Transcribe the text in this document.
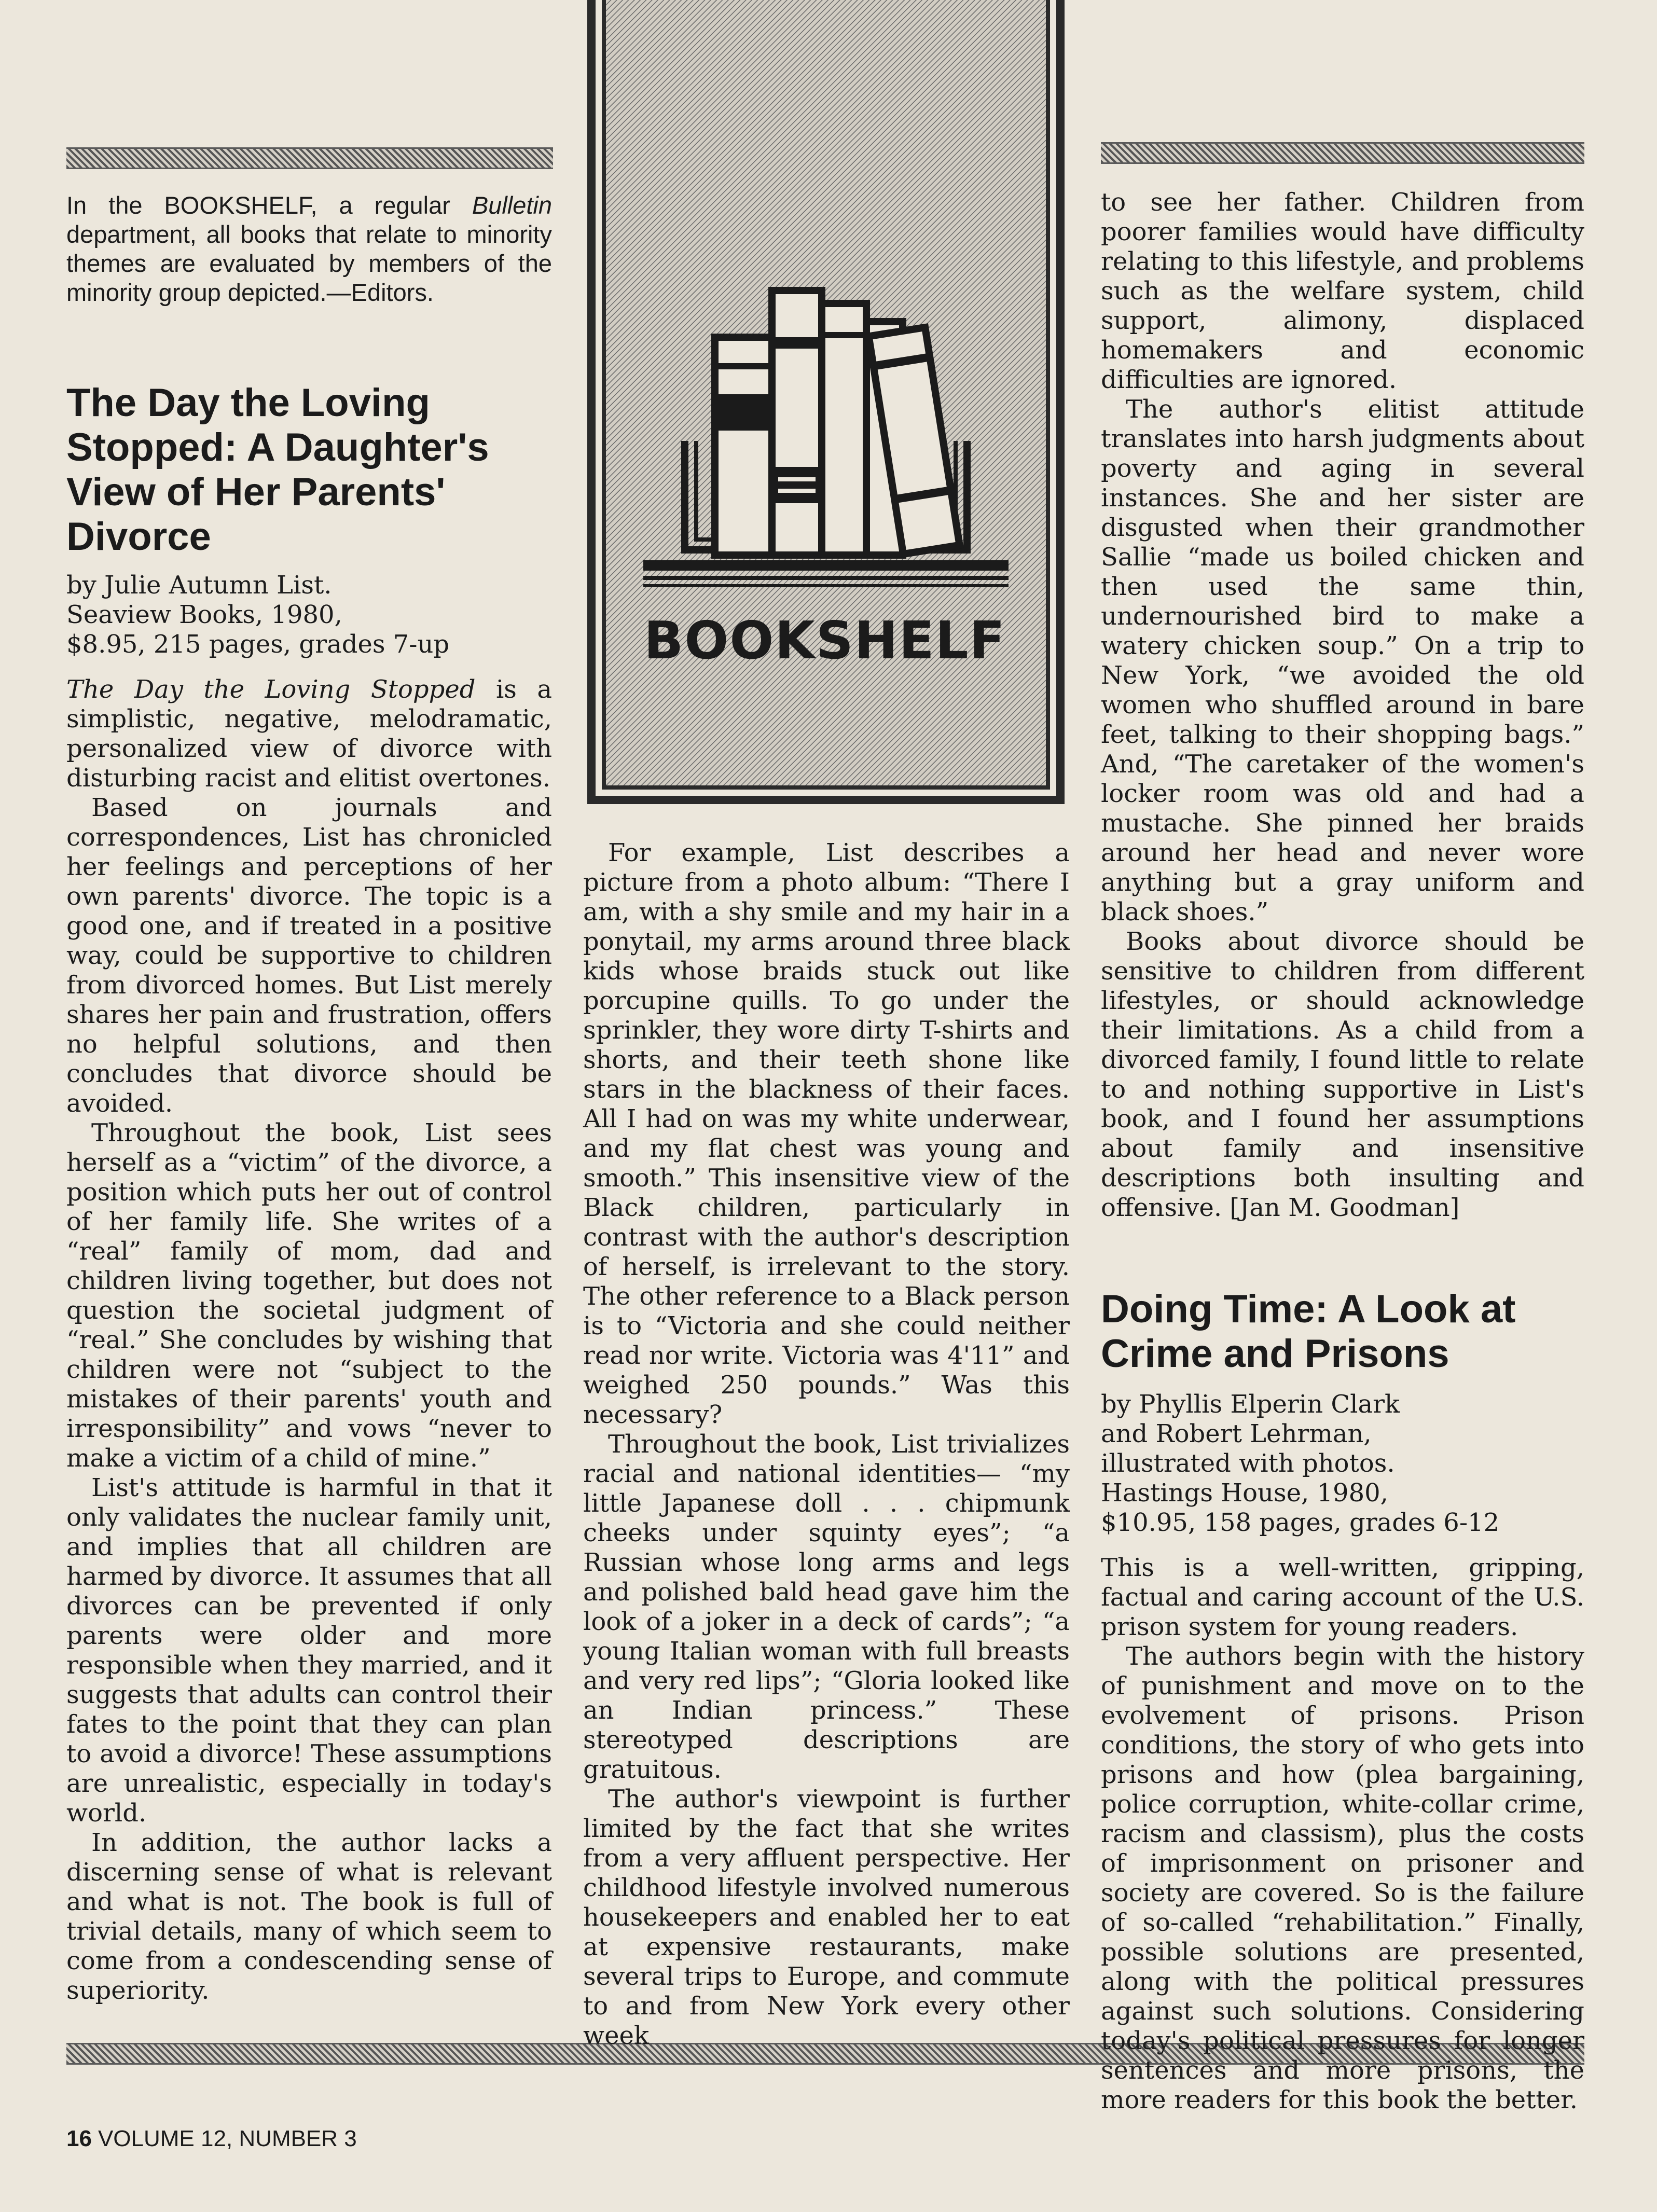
BOOKSHELF
In the BOOKSHELF, a regular Bulletin department, all books that relate to minority themes are evaluated by members of the minority group depicted.—Editors.
The Day the Loving Stopped: A Daughter's View of Her Parents' Divorce
by Julie Autumn List.
Seaview Books, 1980,
$8.95, 215 pages, grades 7-up

The Day the Loving Stopped is a simplistic, negative, melodramatic, personalized view of divorce with disturbing racist and elitist overtones.

Based on journals and correspondences, List has chronicled her feelings and perceptions of her own parents' divorce. The topic is a good one, and if treated in a positive way, could be supportive to children from divorced homes. But List merely shares her pain and frustration, offers no helpful solutions, and then concludes that divorce should be avoided.

Throughout the book, List sees herself as a “victim” of the divorce, a position which puts her out of control of her family life. She writes of a “real” family of mom, dad and children living together, but does not question the societal judgment of “real.” She concludes by wishing that children were not “subject to the mistakes of their parents' youth and irresponsibility” and vows “never to make a victim of a child of mine.”

List's attitude is harmful in that it only validates the nuclear family unit, and implies that all children are harmed by divorce. It assumes that all divorces can be prevented if only parents were older and more responsible when they married, and it suggests that adults can control their fates to the point that they can plan to avoid a divorce! These assumptions are unrealistic, especially in today's world.

In addition, the author lacks a discerning sense of what is relevant and what is not. The book is full of trivial details, many of which seem to come from a condescending sense of superiority.

For example, List describes a picture from a photo album: “There I am, with a shy smile and my hair in a ponytail, my arms around three black kids whose braids stuck out like porcupine quills. To go under the sprinkler, they wore dirty T-shirts and shorts, and their teeth shone like stars in the blackness of their faces. All I had on was my white underwear, and my flat chest was young and smooth.” This insensitive view of the Black children, particularly in contrast with the author's description of herself, is irrelevant to the story. The other reference to a Black person is to “Victoria and she could neither read nor write. Victoria was 4'11” and weighed 250 pounds.” Was this necessary?

Throughout the book, List trivializes racial and national identities— “my little Japanese doll . . . chipmunk cheeks under squinty eyes”; “a Russian whose long arms and legs and polished bald head gave him the look of a joker in a deck of cards”; “a young Italian woman with full breasts and very red lips”; “Gloria looked like an Indian princess.” These stereotyped descriptions are gratuitous.

The author's viewpoint is further limited by the fact that she writes from a very affluent perspective. Her childhood lifestyle involved numerous housekeepers and enabled her to eat at expensive restaurants, make several trips to Europe, and commute to and from New York every other week

to see her father. Children from poorer families would have difficulty relating to this lifestyle, and problems such as the welfare system, child support, alimony, displaced homemakers and economic difficulties are ignored.

The author's elitist attitude translates into harsh judgments about poverty and aging in several instances. She and her sister are disgusted when their grandmother Sallie “made us boiled chicken and then used the same thin, undernourished bird to make a watery chicken soup.” On a trip to New York, “we avoided the old women who shuffled around in bare feet, talking to their shopping bags.” And, “The caretaker of the women's locker room was old and had a mustache. She pinned her braids around her head and never wore anything but a gray uniform and black shoes.”

Books about divorce should be sensitive to children from different lifestyles, or should acknowledge their limitations. As a child from a divorced family, I found little to relate to and nothing supportive in List's book, and I found her assumptions about family and insensitive descriptions both insulting and offensive. [Jan M. Goodman]

Doing Time: A Look at Crime and Prisons
by Phyllis Elperin Clark
and Robert Lehrman,
illustrated with photos.
Hastings House, 1980,
$10.95, 158 pages, grades 6-12

This is a well-written, gripping, factual and caring account of the U.S. prison system for young readers.

The authors begin with the history of punishment and move on to the evolvement of prisons. Prison conditions, the story of who gets into prisons and how (plea bargaining, police corruption, white-collar crime, racism and classism), plus the costs of imprisonment on prisoner and society are covered. So is the failure of so-called “rehabilitation.” Finally, possible solutions are presented, along with the political pressures against such solutions. Considering today's political pressures for longer sentences and more prisons, the more readers for this book the better.

16 VOLUME 12, NUMBER 3
